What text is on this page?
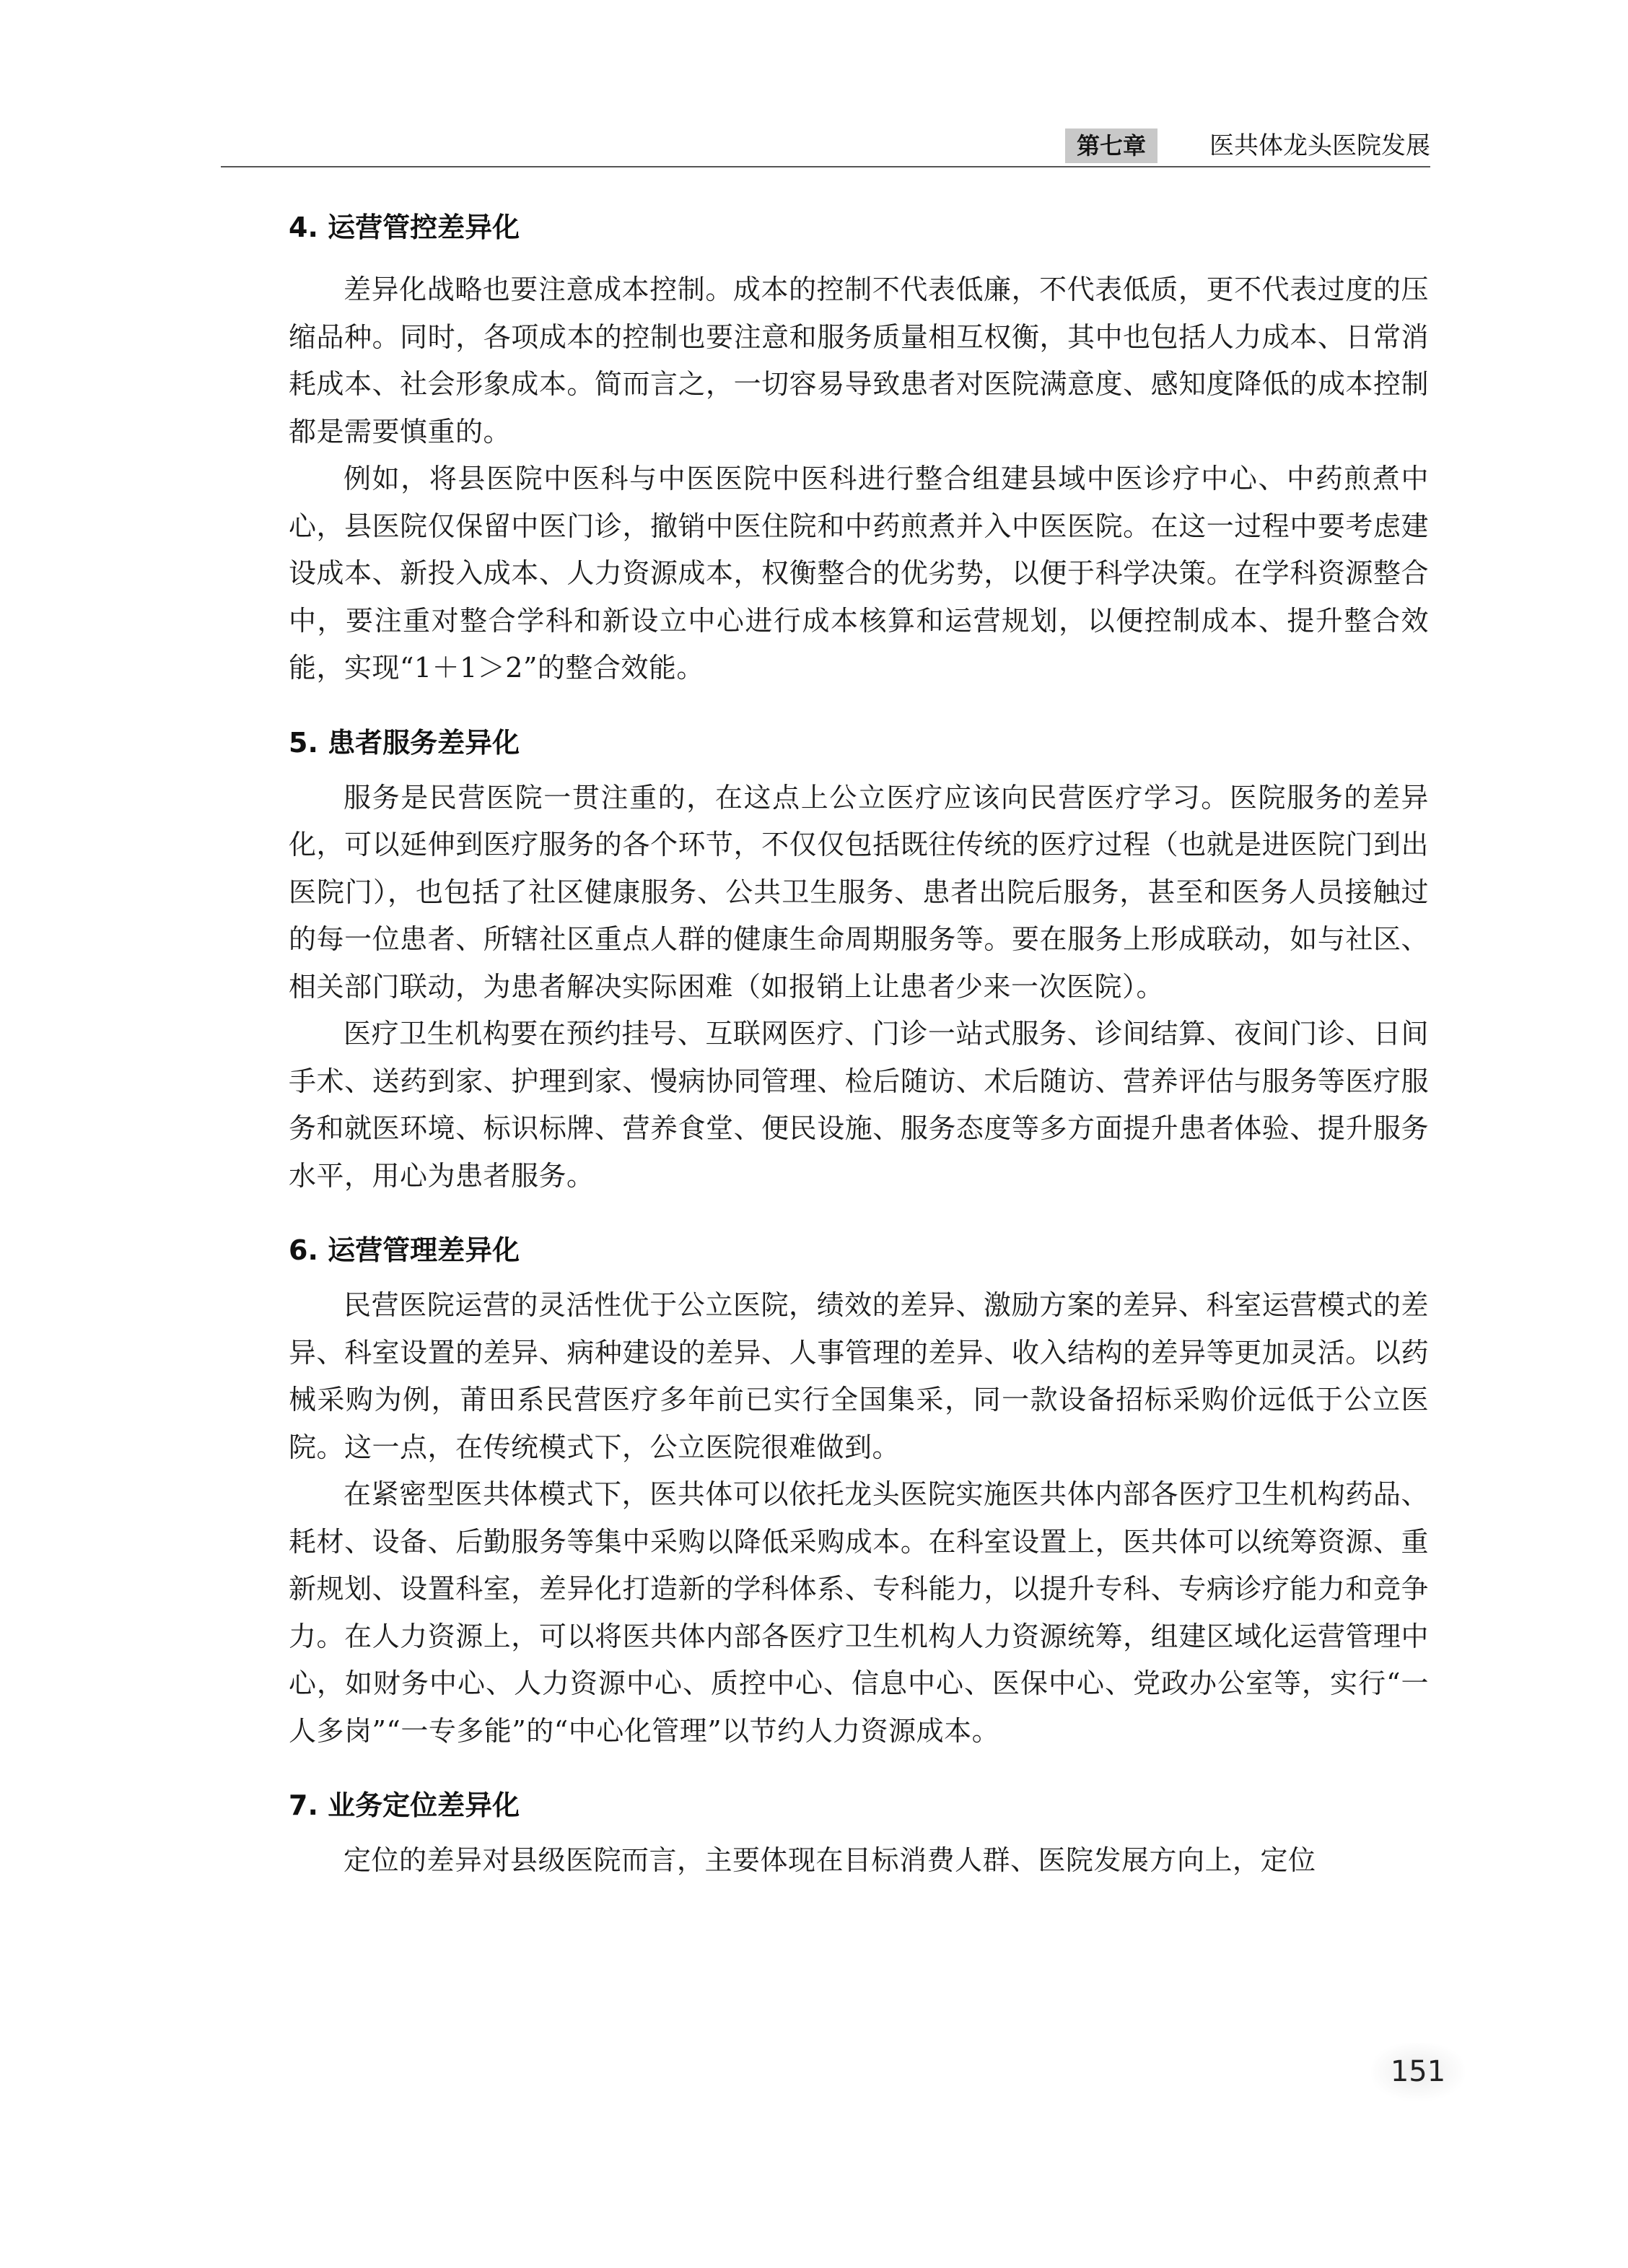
第七章	医共体龙头医院发展
4. 运营管控差异化

差异化战略也要注意成本控制。成本的控制不代表低廉，不代表低质，更不代表过度的压缩品种。同时，各项成本的控制也要注意和服务质量相互权衡，其中也包括人力成本、日常消耗成本、社会形象成本。简而言之，一切容易导致患者对医院满意度、感知度降低的成本控制都是需要慎重的。

例如，将县医院中医科与中医医院中医科进行整合组建县域中医诊疗中心、中药煎煮中心，县医院仅保留中医门诊，撤销中医住院和中药煎煮并入中医医院。在这一过程中要考虑建设成本、新投入成本、人力资源成本，权衡整合的优劣势，以便于科学决策。在学科资源整合中，要注重对整合学科和新设立中心进行成本核算和运营规划，以便控制成本、提升整合效能，实现“1＋1＞2”的整合效能。

5. 患者服务差异化

服务是民营医院一贯注重的，在这点上公立医疗应该向民营医疗学习。医院服务的差异化，可以延伸到医疗服务的各个环节，不仅仅包括既往传统的医疗过程（也就是进医院门到出医院门），也包括了社区健康服务、公共卫生服务、患者出院后服务，甚至和医务人员接触过的每一位患者、所辖社区重点人群的健康生命周期服务等。要在服务上形成联动，如与社区、相关部门联动，为患者解决实际困难（如报销上让患者少来一次医院）。

医疗卫生机构要在预约挂号、互联网医疗、门诊一站式服务、诊间结算、夜间门诊、日间手术、送药到家、护理到家、慢病协同管理、检后随访、术后随访、营养评估与服务等医疗服务和就医环境、标识标牌、营养食堂、便民设施、服务态度等多方面提升患者体验、提升服务水平，用心为患者服务。

6. 运营管理差异化

民营医院运营的灵活性优于公立医院，绩效的差异、激励方案的差异、科室运营模式的差异、科室设置的差异、病种建设的差异、人事管理的差异、收入结构的差异等更加灵活。以药械采购为例，莆田系民营医疗多年前已实行全国集采，同一款设备招标采购价远低于公立医院。这一点，在传统模式下，公立医院很难做到。

在紧密型医共体模式下，医共体可以依托龙头医院实施医共体内部各医疗卫生机构药品、耗材、设备、后勤服务等集中采购以降低采购成本。在科室设置上，医共体可以统筹资源、重新规划、设置科室，差异化打造新的学科体系、专科能力，以提升专科、专病诊疗能力和竞争力。在人力资源上，可以将医共体内部各医疗卫生机构人力资源统筹，组建区域化运营管理中心，如财务中心、人力资源中心、质控中心、信息中心、医保中心、党政办公室等，实行“一人多岗”“一专多能”的“中心化管理”以节约人力资源成本。

7. 业务定位差异化

定位的差异对县级医院而言，主要体现在目标消费人群、医院发展方向上，定位

151
